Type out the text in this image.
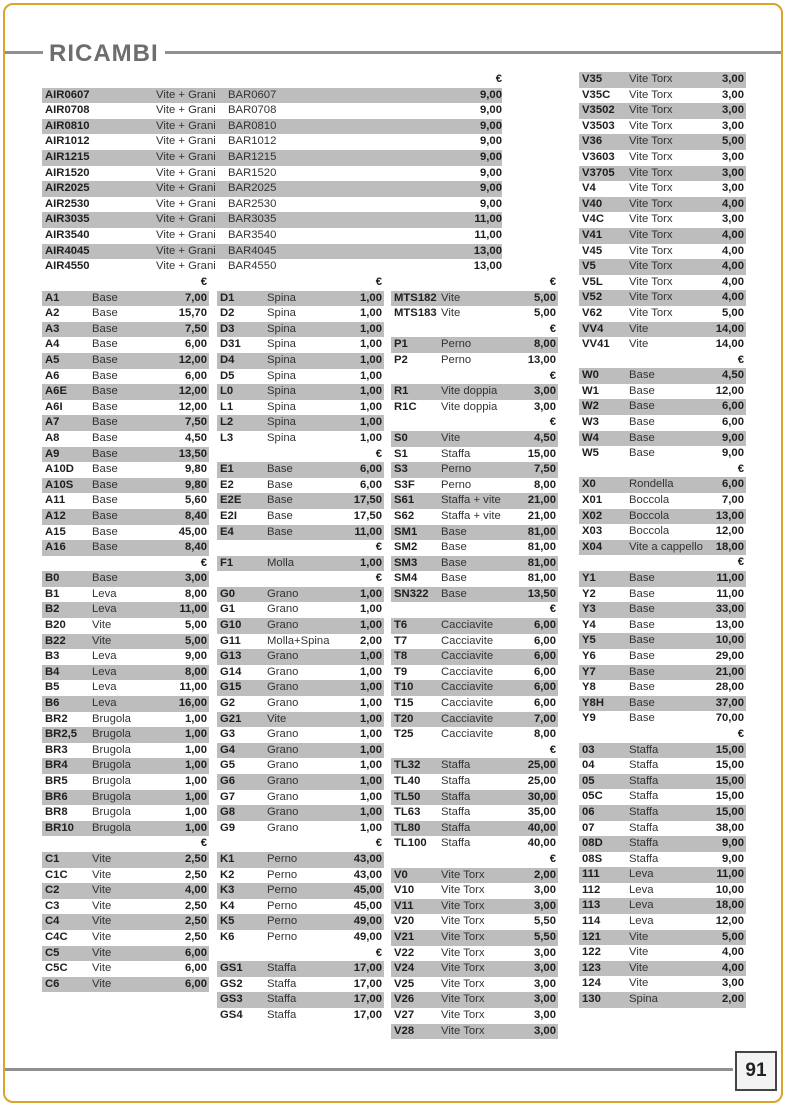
RICAMBI
€
AIR0607	Vite + Grani BAR0607	9,00
AIR0708	Vite + Grani BAR0708	9,00
AIR0810	Vite + Grani BAR0810	9,00
AIR1012	Vite + Grani BAR1012	9,00
AIR1215	Vite + Grani BAR1215	9,00
AIR1520	Vite + Grani BAR1520	9,00
AIR2025	Vite + Grani BAR2025	9,00
AIR2530	Vite + Grani BAR2530	9,00
AIR3035	Vite + Grani BAR3035	11,00
AIR3540	Vite + Grani BAR3540	11,00
AIR4045	Vite + Grani BAR4045	13,00
AIR4550	Vite + Grani BAR4550	13,00
€
A1	Base	7,00
A2	Base	15,70
A3	Base	7,50
A4	Base	6,00
A5	Base	12,00
A6	Base	6,00
A6E Base	12,00
A6I	Base	12,00
A7	Base	7,50
A8	Base	4,50
A9	Base	13,50
A10D Base	9,80
A10S Base	9,80
A11 Base	5,60
A12 Base	8,40
A15 Base	45,00
A16 Base	8,40
€
B0	Base	3,00
B1	Leva	8,00
B2	Leva	11,00
B20 Vite	5,00
B22 Vite	5,00
B3	Leva	9,00
B4	Leva	8,00
B5	Leva	11,00
B6	Leva	16,00
BR2 Brugola	1,00
BR2,5 Brugola	1,00
BR3 Brugola	1,00
BR4 Brugola	1,00
BR5 Brugola	1,00
BR6 Brugola	1,00
BR8 Brugola	1,00
BR10 Brugola	1,00
€
C1	Vite	2,50
C1C Vite	2,50
C2	Vite	4,00
C3	Vite	2,50
C4	Vite	2,50
C4C Vite	2,50
C5	Vite	6,00
C5C Vite	6,00
C6	Vite	6,00
€
D1	Spina	1,00
D2	Spina	1,00
D3	Spina	1,00
D31 Spina	1,00
D4	Spina	1,00
D5	Spina	1,00
L0	Spina	1,00
L1	Spina	1,00
L2	Spina	1,00
L3	Spina	1,00
€
E1	Base	6,00
E2	Base	6,00
E2E Base	17,50
E2I	Base	17,50
E4	Base	11,00
€
F1	Molla	1,00
€
G0	Grano	1,00
G1	Grano	1,00
G10 Grano	1,00
G11 Molla+Spina	2,00
G13 Grano	1,00
G14 Grano	1,00
G15 Grano	1,00
G2	Grano	1,00
G21 Vite	1,00
G3	Grano	1,00
G4	Grano	1,00
G5	Grano	1,00
G6	Grano	1,00
G7	Grano	1,00
G8	Grano	1,00
G9	Grano	1,00
€
K1	Perno	43,00
K2	Perno	43,00
K3	Perno	45,00
K4	Perno	45,00
K5	Perno	49,00
K6	Perno	49,00
€
GS1 Staffa	17,00
GS2 Staffa	17,00
GS3 Staffa	17,00
GS4 Staffa	17,00
€
MTS182 Vite	5,00
MTS183 Vite	5,00
€
P1	Perno	8,00
P2	Perno	13,00
€
R1	Vite doppia	3,00
R1C Vite doppia	3,00
€
S0	Vite	4,50
S1	Staffa	15,00
S3	Perno	7,50
S3F Perno	8,00
S61 Staffa + vite	21,00
S62 Staffa + vite	21,00
SM1 Base	81,00
SM2 Base	81,00
SM3 Base	81,00
SM4 Base	81,00
SN322 Base	13,50
€
T6	Cacciavite	6,00
T7	Cacciavite	6,00
T8	Cacciavite	6,00
T9	Cacciavite	6,00
T10 Cacciavite	6,00
T15 Cacciavite	6,00
T20 Cacciavite	7,00
T25 Cacciavite	8,00
€
TL32 Staffa	25,00
TL40 Staffa	25,00
TL50 Staffa	30,00
TL63 Staffa	35,00
TL80 Staffa	40,00
TL100 Staffa	40,00
€
V0	Vite Torx	2,00
V10 Vite Torx	3,00
V11 Vite Torx	3,00
V20 Vite Torx	5,50
V21 Vite Torx	5,50
V22 Vite Torx	3,00
V24 Vite Torx	3,00
V25 Vite Torx	3,00
V26 Vite Torx	3,00
V27 Vite Torx	3,00
V28 Vite Torx	3,00
V35 Vite Torx	3,00
V35C Vite Torx	3,00
V3502 Vite Torx	3,00
V3503 Vite Torx	3,00
V36 Vite Torx	5,00
V3603 Vite Torx	3,00
V3705 Vite Torx	3,00
V4	Vite Torx	3,00
V40 Vite Torx	4,00
V4C Vite Torx	3,00
V41 Vite Torx	4,00
V45 Vite Torx	4,00
V5	Vite Torx	4,00
V5L Vite Torx	4,00
V52 Vite Torx	4,00
V62 Vite Torx	5,00
VV4 Vite	14,00
VV41 Vite	14,00
€
W0	Base	4,50
W1	Base	12,00
W2	Base	6,00
W3	Base	6,00
W4	Base	9,00
W5	Base	9,00
€
X0	Rondella	6,00
X01 Boccola	7,00
X02 Boccola	13,00
X03 Boccola	12,00
X04 Vite a cappello	18,00
€
Y1	Base	11,00
Y2	Base	11,00
Y3	Base	33,00
Y4	Base	13,00
Y5	Base	10,00
Y6	Base	29,00
Y7	Base	21,00
Y8	Base	28,00
Y8H Base	37,00
Y9	Base	70,00
€
03	Staffa	15,00
04	Staffa	15,00
05	Staffa	15,00
05C Staffa	15,00
06	Staffa	15,00
07	Staffa	38,00
08D Staffa	9,00
08S Staffa	9,00
111	Leva	11,00
112	Leva	10,00
113	Leva	18,00
114	Leva	12,00
121 Vite	5,00
122 Vite	4,00
123 Vite	4,00
124 Vite	3,00
130 Spina	2,00
91
